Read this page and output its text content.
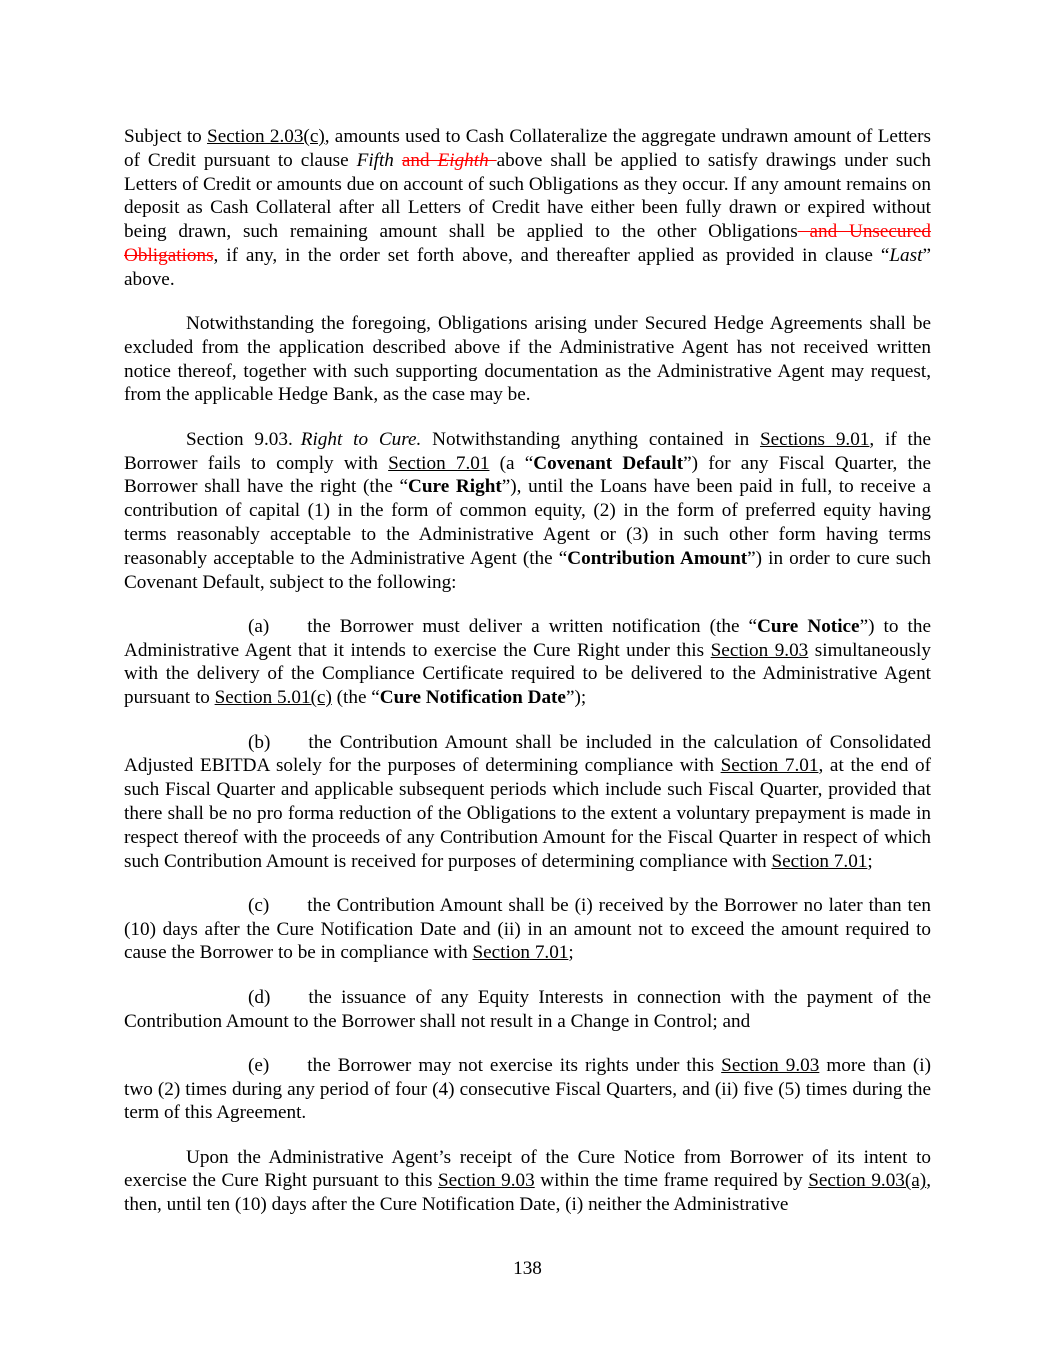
Subject to Section 2.03(c), amounts used to Cash Collateralize the aggregate undrawn amount of Letters of Credit pursuant to clause Fifth and Eighth above shall be applied to satisfy drawings under such Letters of Credit or amounts due on account of such Obligations as they occur. If any amount remains on deposit as Cash Collateral after all Letters of Credit have either been fully drawn or expired without being drawn, such remaining amount shall be applied to the other Obligations and Unsecured Obligations, if any, in the order set forth above, and thereafter applied as provided in clause “Last” above.

Notwithstanding the foregoing, Obligations arising under Secured Hedge Agreements shall be excluded from the application described above if the Administrative Agent has not received written notice thereof, together with such supporting documentation as the Administrative Agent may request, from the applicable Hedge Bank, as the case may be.

Section 9.03. Right to Cure. Notwithstanding anything contained in Sections 9.01, if the Borrower fails to comply with Section 7.01 (a “Covenant Default”) for any Fiscal Quarter, the Borrower shall have the right (the “Cure Right”), until the Loans have been paid in full, to receive a contribution of capital (1) in the form of common equity, (2) in the form of preferred equity having terms reasonably acceptable to the Administrative Agent or (3) in such other form having terms reasonably acceptable to the Administrative Agent (the “Contribution Amount”) in order to cure such Covenant Default, subject to the following:

(a) the Borrower must deliver a written notification (the “Cure Notice”) to the Administrative Agent that it intends to exercise the Cure Right under this Section 9.03 simultaneously with the delivery of the Compliance Certificate required to be delivered to the Administrative Agent pursuant to Section 5.01(c) (the “Cure Notification Date”);

(b) the Contribution Amount shall be included in the calculation of Consolidated Adjusted EBITDA solely for the purposes of determining compliance with Section 7.01, at the end of such Fiscal Quarter and applicable subsequent periods which include such Fiscal Quarter, provided that there shall be no pro forma reduction of the Obligations to the extent a voluntary prepayment is made in respect thereof with the proceeds of any Contribution Amount for the Fiscal Quarter in respect of which such Contribution Amount is received for purposes of determining compliance with Section 7.01;

(c) the Contribution Amount shall be (i) received by the Borrower no later than ten (10) days after the Cure Notification Date and (ii) in an amount not to exceed the amount required to cause the Borrower to be in compliance with Section 7.01;

(d) the issuance of any Equity Interests in connection with the payment of the Contribution Amount to the Borrower shall not result in a Change in Control; and

(e) the Borrower may not exercise its rights under this Section 9.03 more than (i) two (2) times during any period of four (4) consecutive Fiscal Quarters, and (ii) five (5) times during the term of this Agreement.

Upon the Administrative Agent’s receipt of the Cure Notice from Borrower of its intent to exercise the Cure Right pursuant to this Section 9.03 within the time frame required by Section 9.03(a), then, until ten (10) days after the Cure Notification Date, (i) neither the Administrative

138
